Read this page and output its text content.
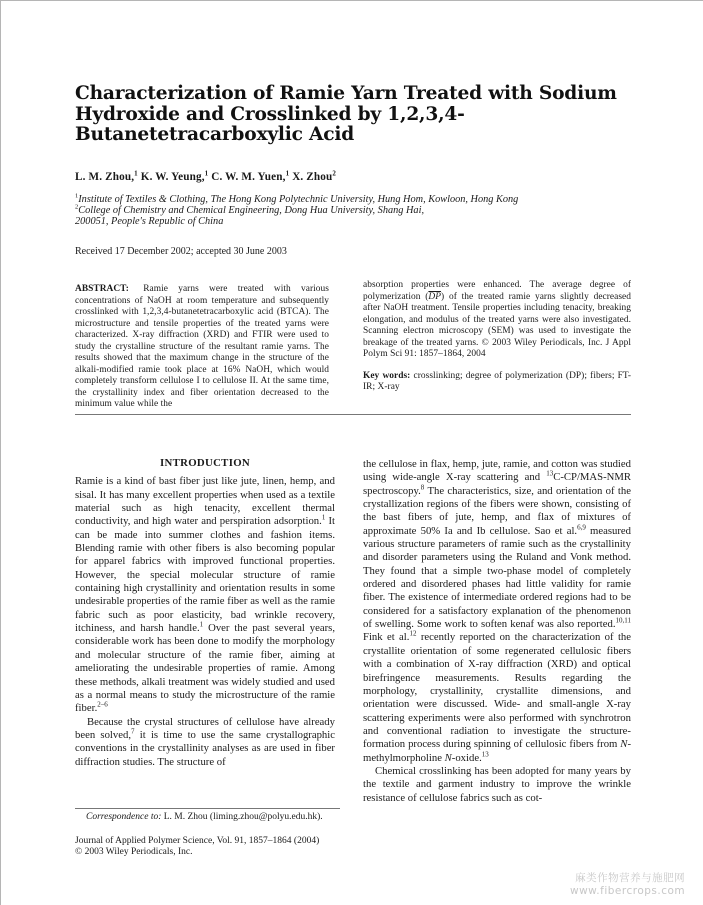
Characterization of Ramie Yarn Treated with Sodium Hydroxide and Crosslinked by 1,2,3,4-Butanetetracarboxylic Acid
L. M. Zhou,$^1$ K. W. Yeung,$^1$ C. W. M. Yuen,$^1$ X. Zhou$^2$
$^1$Institute of Textiles & Clothing, The Hong Kong Polytechnic University, Hung Hom, Kowloon, Hong Kong
$^2$College of Chemistry and Chemical Engineering, Dong Hua University, Shang Hai,
200051, People's Republic of China
Received 17 December 2002; accepted 30 June 2003
ABSTRACT: Ramie yarns were treated with various concentrations of NaOH at room temperature and subsequently crosslinked with 1,2,3,4-butanetetracarboxylic acid (BTCA). The microstructure and tensile properties of the treated yarns were characterized. X-ray diffraction (XRD) and FTIR were used to study the crystalline structure of the resultant ramie yarns. The results showed that the maximum change in the structure of the alkali-modified ramie took place at 16% NaOH, which would completely transform cellulose I to cellulose II. At the same time, the crystallinity index and fiber orientation decreased to the minimum value while the
absorption properties were enhanced. The average degree of polymerization $(\overline{DP})$ of the treated ramie yarns slightly decreased after NaOH treatment. Tensile properties including tenacity, breaking elongation, and modulus of the treated yarns were also investigated. Scanning electron microscopy (SEM) was used to investigate the breakage of the treated yarns. © 2003 Wiley Periodicals, Inc. J Appl Polym Sci 91: 1857–1864, 2004
Key words: crosslinking; degree of polymerization (DP); fibers; FT-IR; X-ray

INTRODUCTION

Ramie is a kind of bast fiber just like jute, linen, hemp, and sisal. It has many excellent properties when used as a textile material such as high tenacity, excellent thermal conductivity, and high water and perspiration adsorption.$^1$ It can be made into summer clothes and fashion items. Blending ramie with other fibers is also becoming popular for apparel fabrics with improved functional properties. However, the special molecular structure of ramie containing high crystallinity and orientation results in some undesirable properties of the ramie fiber as well as the ramie fabric such as poor elasticity, bad wrinkle recovery, itchiness, and harsh handle.$^1$ Over the past several years, considerable work has been done to modify the morphology and molecular structure of the ramie fiber, aiming at ameliorating the undesirable properties of ramie. Among these methods, alkali treatment was widely studied and used as a normal means to study the microstructure of the ramie fiber.$^{2-6}$

Because the crystal structures of cellulose have already been solved,$^7$ it is time to use the same crystallographic conventions in the crystallinity analyses as are used in fiber diffraction studies. The structure of

the cellulose in flax, hemp, jute, ramie, and cotton was studied using wide-angle X-ray scattering and $^{13}$C-CP/MAS-NMR spectroscopy.$^8$ The characteristics, size, and orientation of the crystallization regions of the fibers were shown, consisting of the bast fibers of jute, hemp, and flax of mixtures of approximate 50% Ia and Ib cellulose. Sao et al.$^{6,9}$ measured various structure parameters of ramie such as the crystallinity and disorder parameters using the Ruland and Vonk method. They found that a simple two-phase model of completely ordered and disordered phases had little validity for ramie fiber. The existence of intermediate ordered regions had to be considered for a satisfactory explanation of the phenomenon of swelling. Some work to soften kenaf was also reported.$^{10,11}$ Fink et al.$^{12}$ recently reported on the characterization of the crystallite orientation of some regenerated cellulosic fibers with a combination of X-ray diffraction (XRD) and optical birefringence measurements. Results regarding the morphology, crystallinity, crystallite dimensions, and orientation were discussed. Wide- and small-angle X-ray scattering experiments were also performed with synchrotron and conventional radiation to investigate the structure-formation process during spinning of cellulosic fibers from N-methylmorpholine N-oxide.$^{13}$

Chemical crosslinking has been adopted for many years by the textile and garment industry to improve the wrinkle resistance of cellulose fabrics such as cot-

Correspondence to: L. M. Zhou (liming.zhou@polyu.edu.hk).
Journal of Applied Polymer Science, Vol. 91, 1857–1864 (2004)
© 2003 Wiley Periodicals, Inc.
麻类作物营养与施肥网
www.fibercrops.com
